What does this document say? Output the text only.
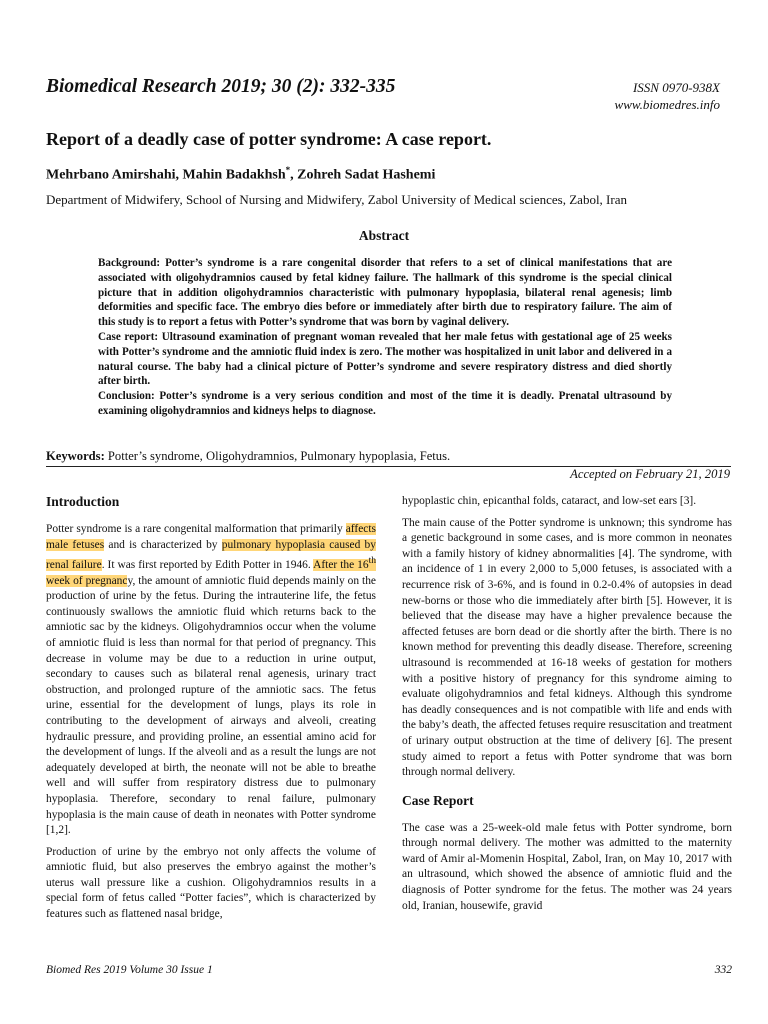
Biomedical Research 2019; 30 (2): 332-335	ISSN 0970-938X
www.biomedres.info
Report of a deadly case of potter syndrome: A case report.
Mehrbano Amirshahi, Mahin Badakhsh*, Zohreh Sadat Hashemi
Department of Midwifery, School of Nursing and Midwifery, Zabol University of Medical sciences, Zabol, Iran
Abstract

Background: Potter’s syndrome is a rare congenital disorder that refers to a set of clinical manifestations that are associated with oligohydramnios caused by fetal kidney failure. The hallmark of this syndrome is the special clinical picture that in addition oligohydramnios characteristic with pulmonary hypoplasia, bilateral renal agenesis; limb deformities and specific face. The embryo dies before or immediately after birth due to respiratory failure. The aim of this study is to report a fetus with Potter’s syndrome that was born by vaginal delivery.

Case report: Ultrasound examination of pregnant woman revealed that her male fetus with gestational age of 25 weeks with Potter’s syndrome and the amniotic fluid index is zero. The mother was hospitalized in unit labor and delivered in a natural course. The baby had a clinical picture of Potter’s syndrome and severe respiratory distress and died shortly after birth.

Conclusion: Potter’s syndrome is a very serious condition and most of the time it is deadly. Prenatal ultrasound by examining oligohydramnios and kidneys helps to diagnose.

Keywords: Potter’s syndrome, Oligohydramnios, Pulmonary hypoplasia, Fetus.
Accepted on February 21, 2019
Introduction

Potter syndrome is a rare congenital malformation that primarily affects male fetuses and is characterized by pulmonary hypoplasia caused by renal failure. It was first reported by Edith Potter in 1946. After the 16th week of pregnancy, the amount of amniotic fluid depends mainly on the production of urine by the fetus. During the intrauterine life, the fetus continuously swallows the amniotic fluid which returns back to the amniotic sac by the kidneys. Oligohydramnios occur when the volume of amniotic fluid is less than normal for that period of pregnancy. This decrease in volume may be due to a reduction in urine output, secondary to causes such as bilateral renal agenesis, urinary tract obstruction, and prolonged rupture of the amniotic sacs. The fetus urine, essential for the development of lungs, plays its role in contributing to the development of airways and alveoli, creating hydraulic pressure, and providing proline, an essential amino acid for the development of lungs. If the alveoli and as a result the lungs are not adequately developed at birth, the neonate will not be able to breathe well and will suffer from respiratory distress due to pulmonary hypoplasia. Therefore, secondary to renal failure, pulmonary hypoplasia is the main cause of death in neonates with Potter syndrome [1,2].

Production of urine by the embryo not only affects the volume of amniotic fluid, but also preserves the embryo against the mother’s uterus wall pressure like a cushion. Oligohydramnios results in a special form of fetus called “Potter facies”, which is characterized by features such as flattened nasal bridge,

hypoplastic chin, epicanthal folds, cataract, and low-set ears [3].

The main cause of the Potter syndrome is unknown; this syndrome has a genetic background in some cases, and is more common in neonates with a family history of kidney abnormalities [4]. The syndrome, with an incidence of 1 in every 2,000 to 5,000 fetuses, is associated with a recurrence risk of 3-6%, and is found in 0.2-0.4% of autopsies in dead new-borns or those who die immediately after birth [5]. However, it is believed that the disease may have a higher prevalence because the affected fetuses are born dead or die shortly after the birth. There is no known method for preventing this deadly disease. Therefore, screening ultrasound is recommended at 16-18 weeks of gestation for mothers with a positive history of pregnancy for this syndrome aiming to evaluate oligohydramnios and fetal kidneys. Although this syndrome has deadly consequences and is not compatible with life and ends with the baby’s death, the affected fetuses require resuscitation and treatment of urinary output obstruction at the time of delivery [6]. The present study aimed to report a fetus with Potter syndrome that was born through normal delivery.

Case Report

The case was a 25-week-old male fetus with Potter syndrome, born through normal delivery. The mother was admitted to the maternity ward of Amir al-Momenin Hospital, Zabol, Iran, on May 10, 2017 with an ultrasound, which showed the absence of amniotic fluid and the diagnosis of Potter syndrome for the fetus. The mother was 24 years old, Iranian, housewife, gravid

Biomed Res 2019 Volume 30 Issue 1	332
